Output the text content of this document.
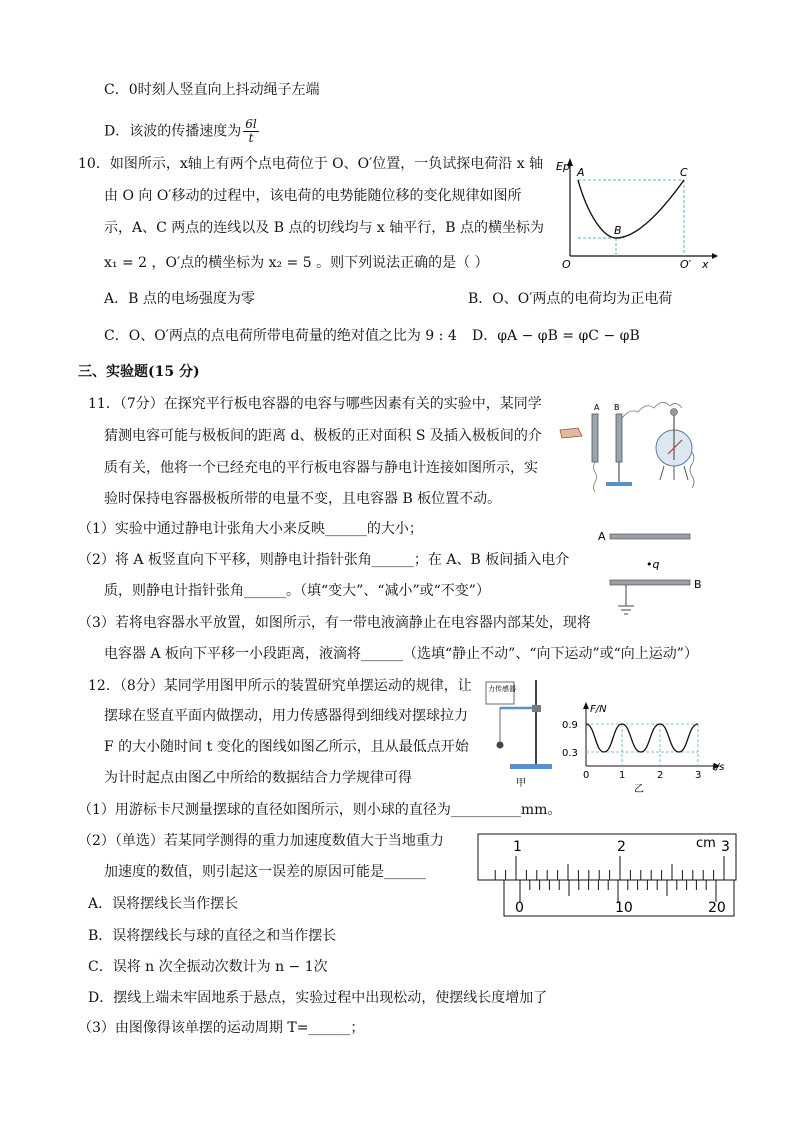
C．0时刻人竖直向上抖动绳子左端
D．该波的传播速度为 $\frac{6l}{t}$
10．如图所示，x轴上有两个点电荷位于 O、O′位置，一负试探电荷沿 x 轴
由 O 向 O′移动的过程中，该电荷的电势能随位移的变化规律如图所
示，A、C 两点的连线以及 B 点的切线均与 x 轴平行，B 点的横坐标为
x₁ = 2 ，O′点的横坐标为 x₂ = 5 。则下列说法正确的是（ ）
A．B 点的电场强度为零	B．O、O′两点的电荷均为正电荷
C．O、O′两点的点电荷所带电荷量的绝对值之比为 9 : 4 D．φA − φB = φC − φB
Ep A	C
B
O	O′ x
三、实验题(15 分)
11．（7分）在探究平行板电容器的电容与哪些因素有关的实验中，某同学
猜测电容可能与极板间的距离 d、极板的正对面积 S 及插入极板间的介
质有关，他将一个已经充电的平行板电容器与静电计连接如图所示，实
验时保持电容器极板所带的电量不变，且电容器 B 板位置不动。
（1）实验中通过静电计张角大小来反映______的大小；
（2）将 A 板竖直向下平移，则静电计指针张角______；在 A、B 板间插入电介
质，则静电计指针张角______。（填“变大”、“减小”或“不变”）
（3）若将电容器水平放置，如图所示，有一带电液滴静止在电容器内部某处，现将
电容器 A 板向下平移一小段距离，液滴将______（选填“静止不动”、“向下运动”或“向上运动”）
A B
A
•q
B
12．（8分）某同学用图甲所示的装置研究单摆运动的规律，让
摆球在竖直平面内做摆动，用力传感器得到细线对摆球拉力
F 的大小随时间 t 变化的图线如图乙所示，且从最低点开始
为计时起点由图乙中所给的数据结合力学规律可得
（1）用游标卡尺测量摆球的直径如图所示，则小球的直径为__________mm。
（2）（单选）若某同学测得的重力加速度数值大于当地重力
加速度的数值，则引起这一误差的原因可能是______
A．误将摆线长当作摆长
B．误将摆线长与球的直径之和当作摆长
C．误将 n 次全振动次数计为 n − 1次
D．摆线上端未牢固地系于悬点，实验过程中出现松动，使摆线长度增加了
（3）由图像得该单摆的运动周期 T=______；
力传感器
甲
F/N
0.9
0.3
0	1	2	3
t/s
乙
cm
1	2	3
0	10	20
